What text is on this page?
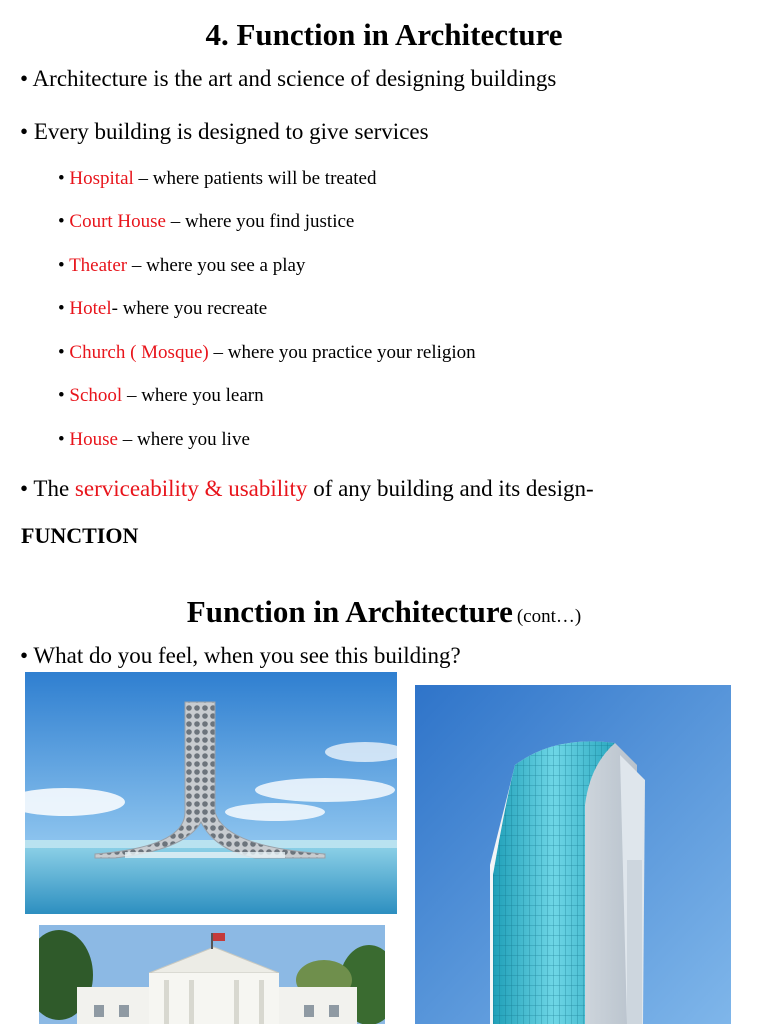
4. Function in Architecture
• Architecture is the art and science of designing buildings
• Every building is designed to give services
• Hospital – where patients will be treated
• Court House – where you find justice
• Theater – where you see a play
• Hotel- where you recreate
• Church ( Mosque) – where you practice your religion
• School – where you learn
• House – where you live
• The serviceability & usability of any building and its design-
FUNCTION
Function in Architecture (cont…)
• What do you feel, when you see this building?
